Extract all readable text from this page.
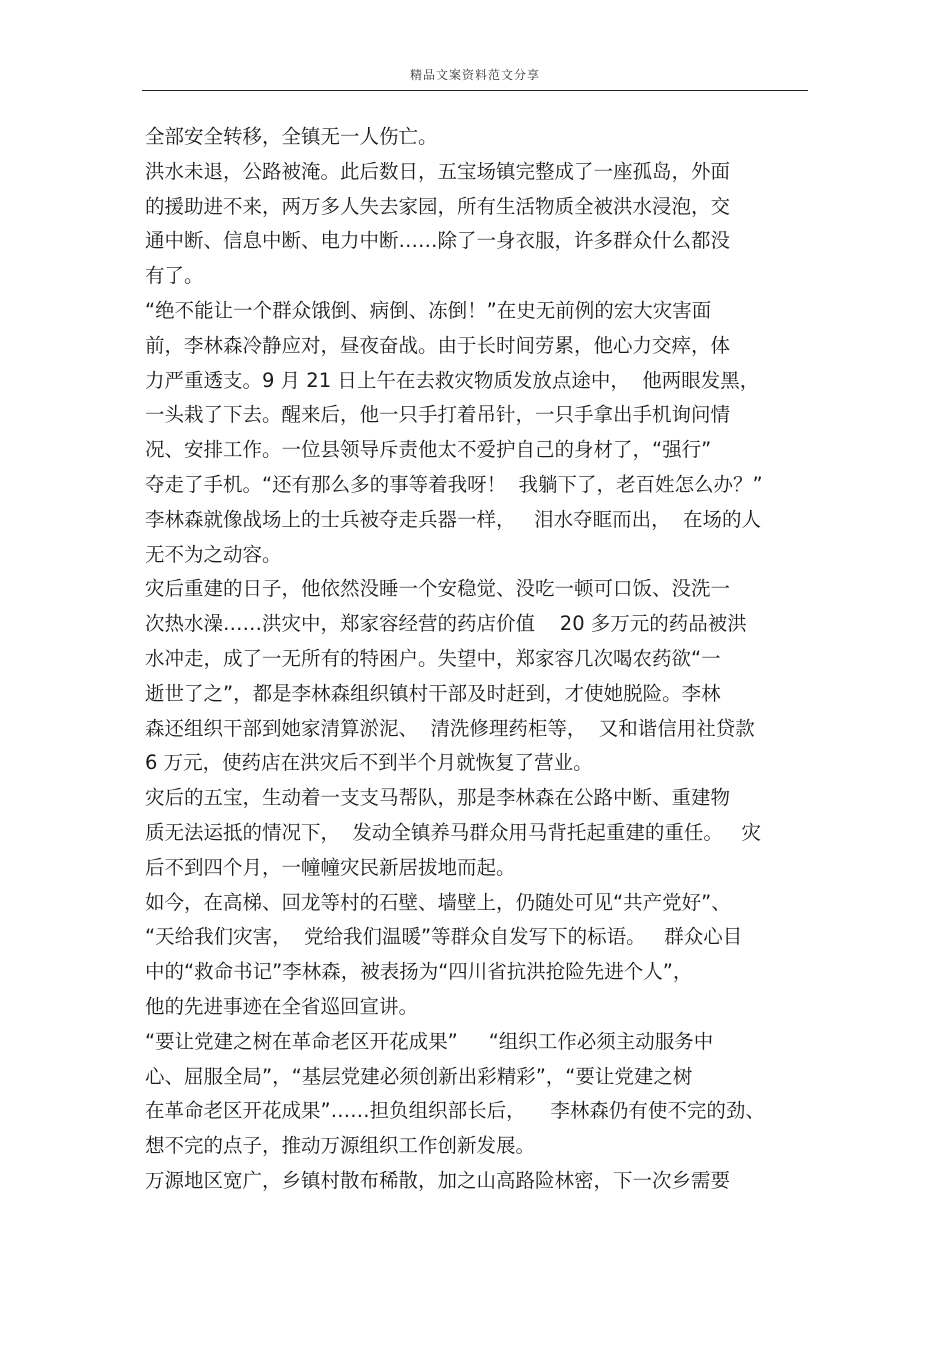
精品文案资料范文分享
全部安全转移，全镇无一人伤亡。
洪水未退，公路被淹。此后数日，五宝场镇完整成了一座孤岛，外面
的援助进不来，两万多人失去家园，所有生活物质全被洪水浸泡，交
通中断、信息中断、电力中断……除了一身衣服，许多群众什么都没
有了。
“绝不能让一个群众饿倒、病倒、冻倒！”在史无前例的宏大灾害面
前，李林森冷静应对，昼夜奋战。由于长时间劳累，他心力交瘁，体
力严重透支。9 月 21 日上午在去救灾物质发放点途中，  他两眼发黑，
一头栽了下去。醒来后，他一只手打着吊针，一只手拿出手机询问情
况、安排工作。一位县领导斥责他太不爱护自己的身材了，“强行”
夺走了手机。“还有那么多的事等着我呀！  我躺下了，老百姓怎么办？”
李林森就像战场上的士兵被夺走兵器一样，   泪水夺眶而出，  在场的人
无不为之动容。
灾后重建的日子，他依然没睡一个安稳觉、没吃一顿可口饭、没洗一
次热水澡……洪灾中，郑家容经营的药店价值    20 多万元的药品被洪
水冲走，成了一无所有的特困户。失望中，郑家容几次喝农药欲“一
逝世了之”，都是李林森组织镇村干部及时赶到，才使她脱险。李林
森还组织干部到她家清算淤泥、  清洗修理药柜等，  又和谐信用社贷款
6 万元，使药店在洪灾后不到半个月就恢复了营业。
灾后的五宝，生动着一支支马帮队，那是李林森在公路中断、重建物
质无法运抵的情况下，  发动全镇养马群众用马背托起重建的重任。   灾
后不到四个月，一幢幢灾民新居拔地而起。
如今，在高梯、回龙等村的石壁、墙壁上，仍随处可见“共产党好”、
“天给我们灾害，  党给我们温暖”等群众自发写下的标语。   群众心目
中的“救命书记”李林森，被表扬为“四川省抗洪抢险先进个人”，
他的先进事迹在全省巡回宣讲。
“要让党建之树在革命老区开花成果”     “组织工作必须主动服务中
心、屈服全局”，“基层党建必须创新出彩精彩”，“要让党建之树
在革命老区开花成果”……担负组织部长后，    李林森仍有使不完的劲、
想不完的点子，推动万源组织工作创新发展。
万源地区宽广，乡镇村散布稀散，加之山高路险林密，下一次乡需要
